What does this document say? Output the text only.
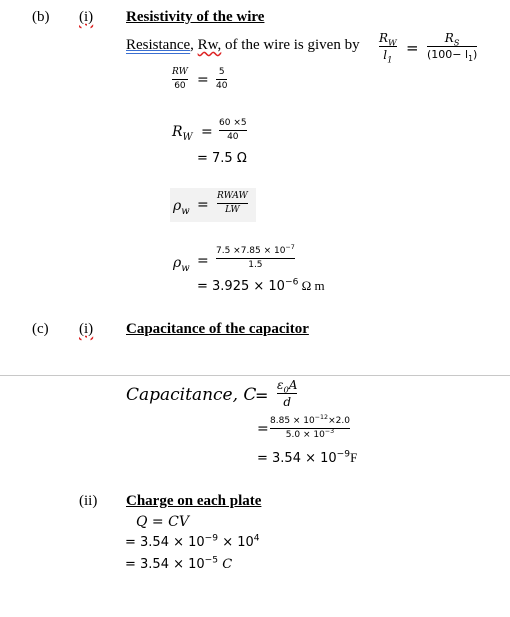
(b) (i) Resistivity of the wire
Resistance, Rw, of the wire is given by $R_W$
$l_1$
=
$R_S$
$(100- l_1)$
RW
60 = 5
40
$R_W$ =
60 ×5
40
= 7.5 Ω
$\rho_w$ =
RWAW
LW
$\rho_w$ =
$7.5 \times 7.85 \times 10^{-7}$
1.5
= $3.925 \times 10^{-6}$ Ω m
(c) (i) Capacitance of the capacitor
Capacitance, C
=
$\varepsilon_0A$
d
= $8.85 \times 10^{-12}\times 2.0$
$5.0 \times 10^{-3}$
= $3.54 \times 10^{-9}F$
(ii) Charge on each plate
Q = CV
= $3.54 \times 10^{-9} \times 10^4$
= $3.54 \times 10^{-5}$ C
